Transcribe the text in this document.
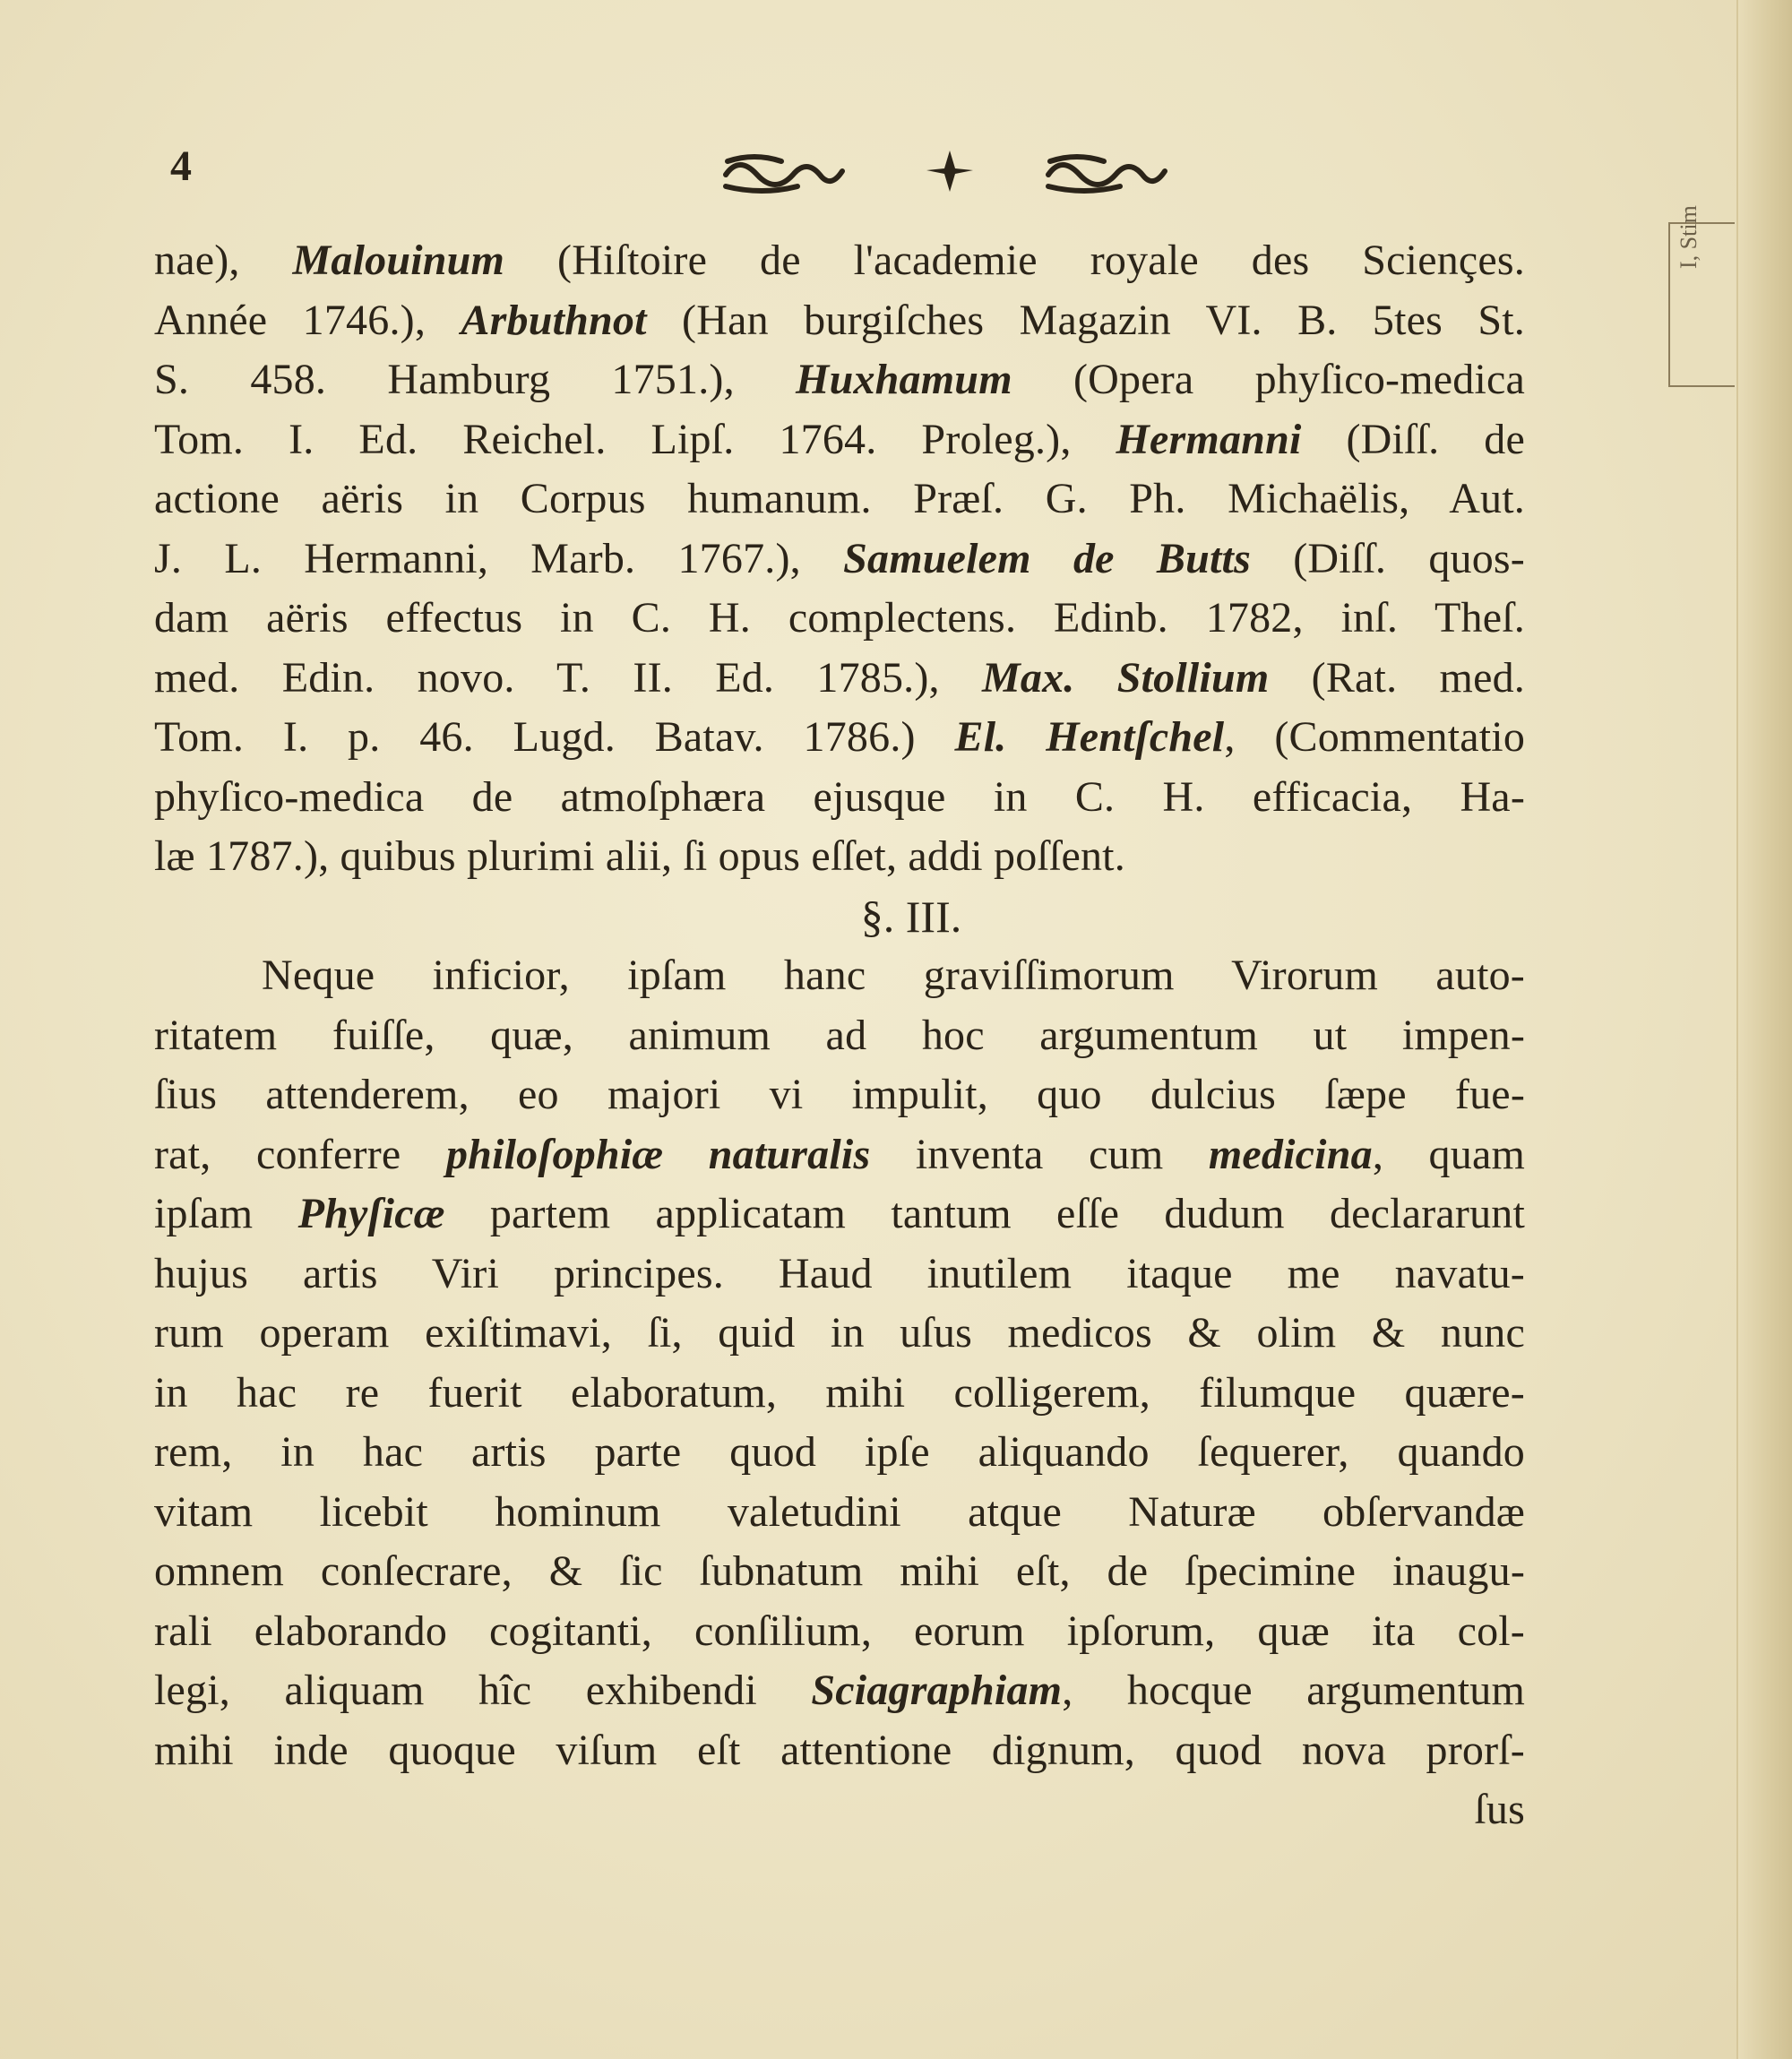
I, Stim
4
nae), Malouinum (Hiſtoire de l'academie royale des Sciençes.
Année 1746.), Arbuthnot (Han burgiſches Magazin VI. B. 5tes St.
S. 458. Hamburg 1751.), Huxhamum (Opera phyſico-medica
Tom. I. Ed. Reichel. Lipſ. 1764. Proleg.), Hermanni (Diſſ. de
actione aëris in Corpus humanum. Præſ. G. Ph. Michaëlis, Aut.
J. L. Hermanni, Marb. 1767.), Samuelem de Butts (Diſſ. quos-
dam aëris effectus in C. H. complectens. Edinb. 1782, inſ. Theſ.
med. Edin. novo. T. II. Ed. 1785.), Max. Stollium (Rat. med.
Tom. I. p. 46. Lugd. Batav. 1786.) El. Hentſchel, (Commentatio
phyſico-medica de atmoſphæra ejusque in C. H. efficacia, Ha-
læ 1787.), quibus plurimi alii, ſi opus eſſet, addi poſſent.
§. III.
Neque inficior, ipſam hanc graviſſimorum Virorum auto-
ritatem fuiſſe, quæ, animum ad hoc argumentum ut impen-
ſius attenderem, eo majori vi impulit, quo dulcius ſæpe fue-
rat, conferre philoſophiæ naturalis inventa cum medicina, quam
ipſam Phyſicæ partem applicatam tantum eſſe dudum declararunt
hujus artis Viri principes. Haud inutilem itaque me navatu-
rum operam exiſtimavi, ſi, quid in uſus medicos & olim & nunc
in hac re fuerit elaboratum, mihi colligerem, filumque quære-
rem, in hac artis parte quod ipſe aliquando ſequerer, quando
vitam licebit hominum valetudini atque Naturæ obſervandæ
omnem conſecrare, & ſic ſubnatum mihi eſt, de ſpecimine inaugu-
rali elaborando cogitanti, conſilium, eorum ipſorum, quæ ita col-
legi, aliquam hîc exhibendi Sciagraphiam, hocque argumentum
mihi inde quoque viſum eſt attentione dignum, quod nova prorſ-
ſus
